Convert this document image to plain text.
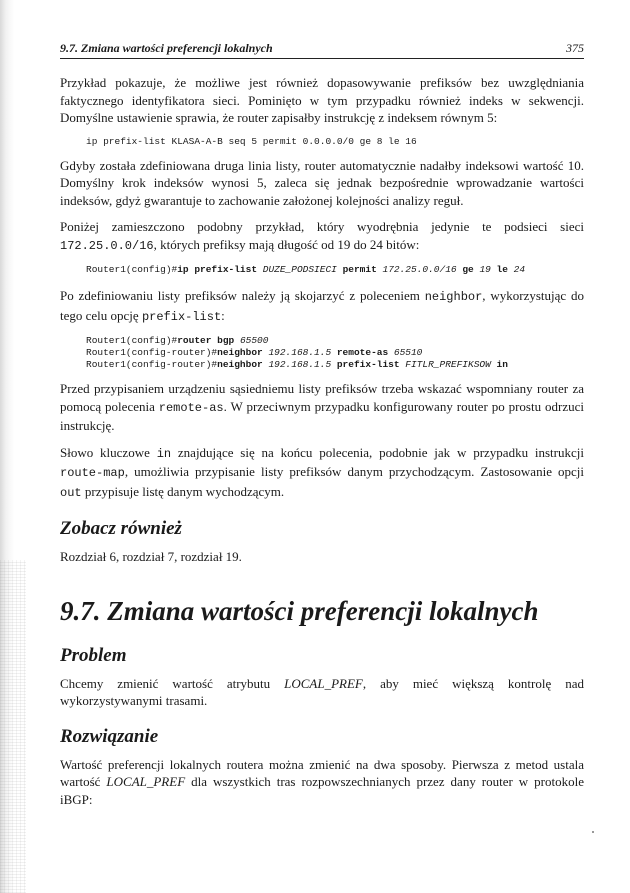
9.7. Zmiana wartości preferencji lokalnych	375

Przykład pokazuje, że możliwe jest również dopasowywanie prefiksów bez uwzględniania faktycznego identyfikatora sieci. Pominięto w tym przypadku również indeks w sekwencji. Domyślne ustawienie sprawia, że router zapisałby instrukcję z indeksem równym 5:

ip prefix-list KLASA-A-B seq 5 permit 0.0.0.0/0 ge 8 le 16

Gdyby została zdefiniowana druga linia listy, router automatycznie nadałby indeksowi wartość 10. Domyślny krok indeksów wynosi 5, zaleca się jednak bezpośrednie wprowadzanie wartości indeksów, gdyż gwarantuje to zachowanie założonej kolejności analizy reguł.

Poniżej zamieszczono podobny przykład, który wyodrębnia jedynie te podsieci sieci 172.25.0.0/16, których prefiksy mają długość od 19 do 24 bitów:

Router1(config)#ip prefix-list DUZE_PODSIECI permit 172.25.0.0/16 ge 19 le 24

Po zdefiniowaniu listy prefiksów należy ją skojarzyć z poleceniem neighbor, wykorzystując do tego celu opcję prefix-list:

Router1(config)#router bgp 65500
Router1(config-router)#neighbor 192.168.1.5 remote-as 65510
Router1(config-router)#neighbor 192.168.1.5 prefix-list FITLR_PREFIKSOW in

Przed przypisaniem urządzeniu sąsiedniemu listy prefiksów trzeba wskazać wspomniany router za pomocą polecenia remote-as. W przeciwnym przypadku konfigurowany router po prostu odrzuci instrukcję.

Słowo kluczowe in znajdujące się na końcu polecenia, podobnie jak w przypadku instrukcji route-map, umożliwia przypisanie listy prefiksów danym przychodzącym. Zastosowanie opcji out przypisuje listę danym wychodzącym.

Zobacz również

Rozdział 6, rozdział 7, rozdział 19.

9.7. Zmiana wartości preferencji lokalnych
Problem

Chcemy zmienić wartość atrybutu LOCAL_PREF, aby mieć większą kontrolę nad wykorzystywanymi trasami.

Rozwiązanie

Wartość preferencji lokalnych routera można zmienić na dwa sposoby. Pierwsza z metod ustala wartość LOCAL_PREF dla wszystkich tras rozpowszechnianych przez dany router w protokole iBGP:
